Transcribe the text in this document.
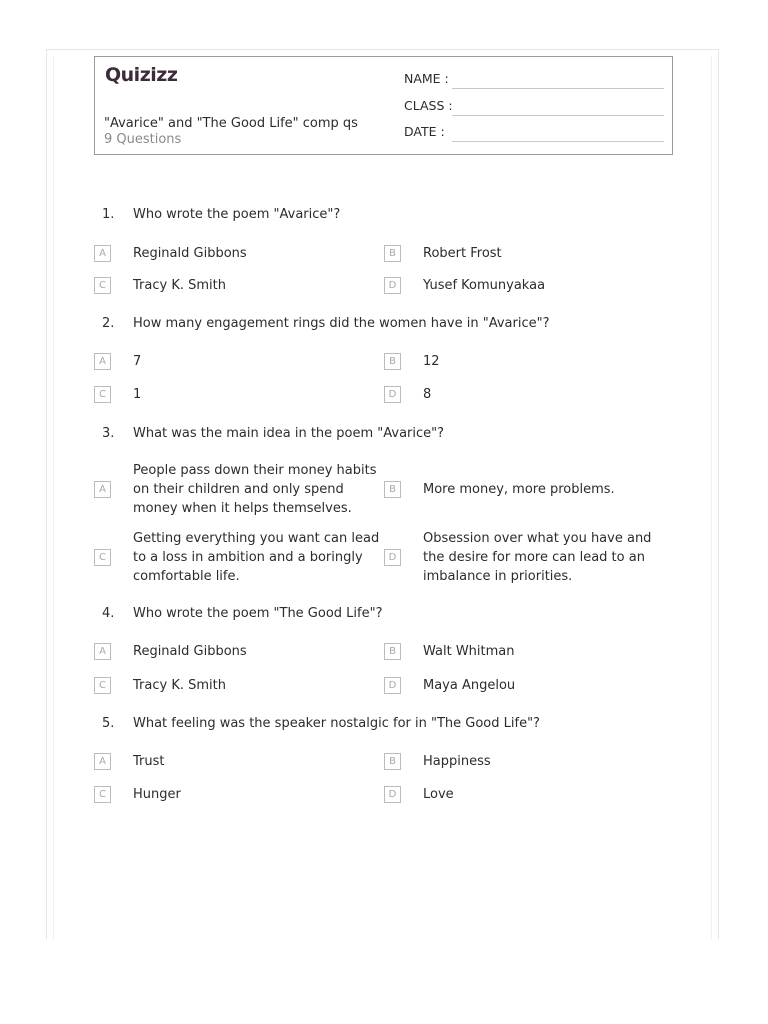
Quizizz
"Avarice" and "The Good Life" comp qs
9 Questions
NAME :
CLASS :
DATE :
1. Who wrote the poem "Avarice"?
A	Reginald Gibbons	B	Robert Frost
C	Tracy K. Smith	D	Yusef Komunyakaa
2. How many engagement rings did the women have in "Avarice"?
A	7	B	12
C	1	D	8
3. What was the main idea in the poem "Avarice"?
A
People pass down their money habits on their children and only spend money when it helps themselves.
B	More money, more problems.
C
Getting everything you want can lead to a loss in ambition and a boringly comfortable life.
D
Obsession over what you have and the desire for more can lead to an imbalance in priorities.
4. Who wrote the poem "The Good Life"?
A	Reginald Gibbons	B	Walt Whitman
C	Tracy K. Smith	D	Maya Angelou
5. What feeling was the speaker nostalgic for in "The Good Life"?
A	Trust	B	Happiness
C	Hunger	D	Love
